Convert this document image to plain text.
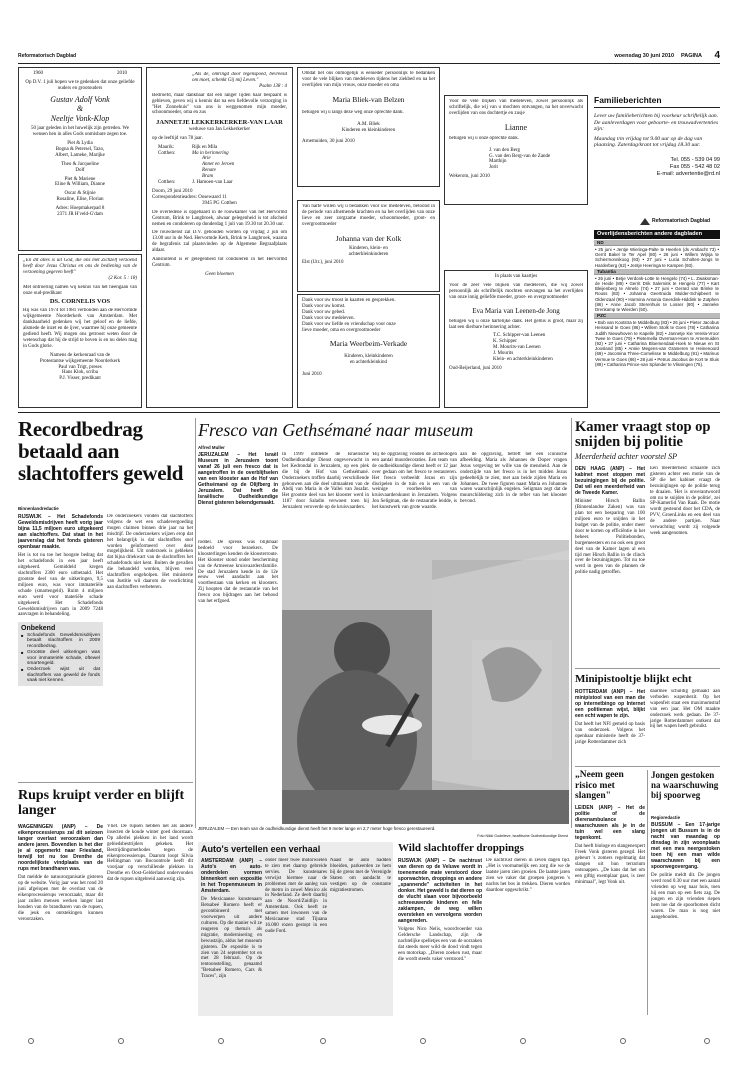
Reformatorisch Dagblad	woensdag 30 juni 2010 PAGINA 4
1960	2010
Op D.V. 1 juli hopen we te gedenken dat onze geliefde ouders en grootouders
Gustav Adolf Vonk
&
Neeltje Vonk-Klop
50 jaar geleden in het huwelijk zijn getreden. We wensen hen in alles Gods onmisbare zegen toe.
Piet & Lydia
Bogna & Petersel, Tazo,
Albert, Lameke, Marijke
Theo & Jacqueline
Dolf
Piet & Mariene
Eline & William, Dianne
Oscar & Stijnie
Rosaline, Elise, Florian
Adres: Hoepmakerpad 8
2371 JR H'veld-G'dam
„En dit alles is uit God, die ons met Zichzelf verzoend heeft door Jezus Christus en ons de bediening van de verzoening gegeven heeft"
(2 Kor. 5 : 18)
Met ontroering namen wij kennis van het heengaan van onze oud-predikant
DS. CORNELIS VOS
Hij was van 1974 tot 1981 verbonden aan de Hervormde wijkgemeente Noorderkerk van Amsterdam. Met dankbaarheid gedenken wij het geloof en de liefde, alsmede de inzet en de ijver, waarmee hij onze gemeente gediend heeft. Wij mogen ons getroost weten door de wetenschap dat hij de strijd te boven is en nu delen mag in Gods glorie.
Namens de kerkenraad van de
Protestantse wijkgemeente Noorderkerk
Paul van Trigt, preses
Hans Klok, scriba
P.J. Visser, predikant
„Als de, omringd door tegenspoed, bevreesd om moet, schenkt Gij mij Leven."
Psalm 138 : 4
Bedroefd, maar dankbaar dat een langer lijden haar bespaard is gebleven, geven wij u kennis dat na een liefdevolle verzorging in "Het Zonnehuis" van ons is weggenomen mijn moeder, schoonmoeder, oma en zus
JANNETJE LEKKERKERKER-VAN LAAR
weduwe van Jan Lekkerkerker
op de leeftijd van 78 jaar.
Maurik:	Rijk en Mila
Cotthen:	Ma in herinnering
Arie
Annet en Jeroen
Renate
Bram
Cotthen:	J. Hamoen-van Laar
Doorn, 29 juni 2010
Correspondentieadres: Oosewaard 11
3945 PG Cotthen
De overledene is opgebaard in de rouwkamer van het Hervormd Centrum, Brink te Langbroek, alwaar gelegenheid is tot afscheid nemen en condoleren op donderdag 1 juli van 19.30 tot 20.30 uur.
De rouwdienst zal D.V. gehouden worden op vrijdag 2 juli om 13.00 uur in de Ned. Hervormde Kerk, Brink te Langbroek, waarna de begrafenis zal plaatsvinden op de Algemene Begraafplaats aldaar.
Aansluitend is er gelegenheid tot condoleren in het Hervormd Centrum.
Geen bloemen
Omdat het ons onmogelijk is eenieder persoonlijk te bedanken voor de vele blijken van medeleven tijdens het ziekbed en na het overlijden van mijn vrouw, onze moeder en oma
Maria Bliek-van Belzen
betuigen wij u langs deze weg onze oprechte dank.
A.M. Bliek
Kinderen en kleinkinderen
Arnemuiden, 30 juni 2010
Van harte willen wij u bedanken voor uw medeleven, betoond in de periode van afnemende krachten en na het overlijden van onze lieve en zeer zorgzame moeder, schoonmoeder, groot- en overgrootmoeder
Johanna van der Kolk
Kinderen, klein- en
achterkleinkinderen
Elst (Utr.), juni 2010
Dank voor uw troost in kaarten en gesprekken.
Dank voor uw komst.
Dank voor uw gebed.
Dank voor uw medeleven.
Dank voor uw liefde en vriendschap voor onze
lieve moeder, oma en overgrootmoeder
Maria Weerbeim-Verkade
Kinderen, kleinkinderen
en achterkleinkind
Juni 2010
Voor de vele blijken van medeleven, zowel persoonlijk als schriftelijk, die wij van u mochten ontvangen, na het onverwacht overlijden van ons dochtertje en zusje
Lianne
betuigen wij u onze oprechte dank.
J. van den Berg
G. van den Berg-van de Zande
Marthijn
Jorit
Wekerom, juni 2010
In plaats van kaartjes
Voor de zeer vele blijken van medeleven, die wij zowel persoonlijk als schriftelijk mochten ontvangen na het overlijden van onze innig geliefde moeder, groot- en overgrootmoeder
Eva Maria van Leenen-de Jong
betuigen wij u onze hartelijke dank. Het gemis is groot, maar zij laat een dierbare herinnering achter.
T.C. Schipper-van Leenen
K. Schipper
M. Mourits-van Leenen
J. Mourits
Klein- en achterkleinkinderen
Oud-Beijerland, juni 2010
Familieberichten
Lever uw familieberichten bij voorkeur schriftelijk aan. De aanleverdagen voor geboorte- en trouwadvertenties zijn:
Maandag t/m vrijdag tot 9.00 uur op de dag van plaatsing. Zaterdag/krant tot vrijdag 18.30 uur.
Tel. 055 - 539 04 99
Fax 055 - 542 48 02
E-mail: advertentie@rd.nl
Reformatorisch Dagblad
Overlijdensberichten andere dagbladen
ND
• 25 juni • Jentje Wieringa-Palte te Heerlen (ds Ambacht 73) • Gerrit Bakel te Ter Apel (80) • 26 juni • Willem Wijnja te Schiermonnikoog (93) • 27 juni • Lucia Scholten-Jongs te Harderberg (62) • Jentje Heeringa te Kampen (93).
Tubantia
• 26 juni • Betje Verdonk-Lotte te Hengelo (74) • L. Zwaksman-de Heide (89) • Gerrit Drik Salemink te Hengelo (77) • Kart Bleijenberg te Almelo (74) • 27 juni • Gerard van Brinke te Rouss (83) • Johanna Geertruida Mulder-Schipbeert te Oldenzaal (90) • Harmina Antonia Geerdink-Hiddink te Zutphen (86) • Anne Jacob Sterenhuis te Losser (80) • Janneke Drenkamp te Wierden (50).
PZC
• Bob van Kootstra te Middelburg (83) • 26 juni • Pieter Jacobus Heissand te Goes (86) • Willem Stolk te Goes (78) • Catharina Judith Nieuwhoven te Kapelle (82) • Jannetje Kie Verela-Vroor Twee te Goes (79) • Pieternella Overman-Hoen te Arnemuiden (92) • 27 juni • Catharina Bloemendaal-Hoek te Nieuw en St Joosland (85) • Annie Megens-van Grameren te Heinenoord (69) • Jacomina Three-Cornelisse te Middelburg (91) • Marinus Vermue te Goes (86) • 28 juni • Petrus Jacobus de Kort te Sluis (89) • Catharina Prince-van Splunder te Vlissingen (75).
Recordbedrag betaald aan slachtoffers geweld
Binnenlandredactie

RIJSWIJK – Het Schadefonds Geweldsmisdrijven heeft vorig jaar bijna 11,5 miljoen euro uitgekeerd aan slachtoffers. Dat staat in het jaarverslag dat het fonds gisteren openbaar maakte.

Het is tot nu toe het hoogste bedrag dat het schadefonds in een jaar heeft uitgekeerd. Gemiddeld kregen slachtoffers 2300 euro uitbetaald. Het grootste deel van de uitkeringen, 9,5 miljoen euro, was voor immateriële schade (smartengeld). Ruim 4 miljoen euro werd voor materiële schade uitgekeerd. Het Schadefonds Geweldsmisdrijven nam in 2009 7248 aanvragen in behandeling.

Onbekend
■ Schadefonds Geweldsmisdrijven betaalt slachtoffers in 2009 recordbedrag.
■ Grootste deel uitkeringen was voor immateriële schade, oftewel smartengeld.
■ Onderzoek wijst uit dat slachtoffers van geweld de fonds vaak niet kennen.
Fresco van Gethsémané naar museum
Alfred Muller

JERUZALEM – Het Israël Museum in Jeruzalem toont vanaf 26 juli een fresco dat is aangetroffen in de overblijfselen van een klooster aan de Hof van Gethsémané op de Olijfberg in Jeruzalem. Dat heeft de Israëlische Oudheidkundige Dienst gisteren bekendgemaakt.

In 1999 ontdekte de Israëlische Oudheidkundige Dienst ongeverwacht in het Kedrondal in Jeruzalem, op een plek die bij de Hof van Gethsémané. Onderzoekers troffen daarbij verschillende gebouwen aan die deel uitmaakten van de Abdij van Maria in de Vallei van Josafat. Het grootste deel van het klooster werd in 1187 door Saladin verwoest toen hij Jeruzalem veroverde op de kruisvaarders.

'Bij de opgraving vonden de archeologen een aantal muurdecoraties. Een team van de oudheidkundige dienst heeft er 12 jaar over gedaan om het fresco te restaureren. Het fresco verbeeldt Jezus en zijn discipelen in de tuin en is een van de weinige voorbeelden van kruisvaarderskunst in Jeruzalem. Volgens Jon Seligman, die de restauratie leidde, is het kunstwerk van grote waarde.

aan de opgraving, betreft het een iconische afbeelding. Maria als Johannes de Doper vragen Jezus vergeving ter wille van de mensheid. Aan de onderzijde van het fresco is in het midden Jezus gedeeltelijk te zien, met aan beide zijden Maria en Johannes. De twee figuren naast Maria en Johannes waren waarschijnlijk engelen. Seligman zegt dat de muurschildering zich in de refter van het klooster bevond.

roddel. De spreuk was blijkbaar bedoeld voor bezoekers. De kloosterlingen kenden de kloosterroute. Het klooster stond onder bescherming van de Armeense kruisvaardersfamilie. De stad Jeruzalem kende in de 12e eeuw veel aandacht aan het voortbestaan van kerken en kloosters. Zij hoopten dat de restauratie van het fresco zou bijdragen aan het behoud van het erfgoed.

JERUZALEM — Een team van de oudheidkundige dienst heeft het 9 meter lange en 2,7 meter hoge fresco gerestaureerd.
Foto Nikki Godelieve, Israëlische Oudheidkundige Dienst
Kamer vraagt stop op snijden bij politie
Meerderheid achter voorstel SP

DEN HAAG (ANP) – Het kabinet moet stoppen met bezuinigingen bij de politie. Dat wil een meerderheid van de Tweede Kamer.

Minister Hirsch Ballin (Binnenlandse Zaken) was van plan tot een besparing van 100 miljoen euro te snijden in het budget van de politie, onder meer door te korten op efficiëntie in het beheer. Politiebonden, burgemeesters en nu ook een groot deel van de Kamer lagen al een tijd met Hirsch Ballin in de clinch over de bezuinigingen. Tot nu toe werd in geen van de plannen de politie nadig getroffen.

Een meerderheid schaarde zich gisteren achter een motie van de SP die het kabinet vraagt de bezuinigingen op de politie terug te draaien. 'Het is onverantwoord om nu te snijden in de politie', zei SP-Kamerlid Van Raak. De motie wordt gesteund door het CDA, de PVV, GroenLinks en een deel van de andere partijen. Naar verwachting wordt zij volgende week aangenomen.

Minipistooltje blijkt echt

ROTTERDAM (ANP) – Het minipistool van een man die op internetbingo op Internet een politieman wijst, blijkt een echt wapen te zijn.

Dat heeft het NFI gemeld op basis van onderzoek. Volgens het openbaar ministerie heeft de 37-jarige Rotterdammer zich

daarmee schuldig gemaakt aan verboden wapenbezit. Op het wapenfeit staat een maximumstraf van een jaar. Het OM maakte onderzoek werk gedaan. De 37-jarige Rotterdammer ontkent dat hij het wapen heeft gebruikt.

„Neem geen risico met slangen"

LEIDEN (ANP) – Het de politie of de dierenambulance waarschuwen als je in de tuin wel een slang tegenkomt.

Dat heeft biologe en slangenexpert Freek Vonk gisteren gezegd. Het gebeurt 's zomers regelmatig dat slangen uit hun terrarium ontsnappen. „De kans dat het om een giftig exemplaar gaat, is zeer minimaal", legt Vonk uit.

Jongen gestoken na waarschuwing bij spoorweg
Regioredactie

BUSSUM – Een 17-jarige jongen uit Bussum is in de nacht van maandag op dinsdag in zijn woonplaats met een mes neergestoken toen hij een man wilde waarschuwen bij een spoorwegovergang.

De politie meldt dit. De jongen werd rond 0.30 uur met een aantal vrienden op weg naar huis, toen hij een man op een fiets zag. De jongen en zijn vrienden riepen hem toe dat de spoorbomen dicht waren. De man is nog niet aangehouden.

De onderzoekers vonden dat slachtoffers volgens de wet een schadevergoeding mogen claimen binnen drie jaar na het misdrijf. De onderzoekers wijzen erop dat het belangrijk is dat slachtoffers snel worden geïnformeerd over deze mogelijkheid. Uit onderzoek is gebleken dat bijna driekwart van de slachtoffers het schadefonds niet kent. Buiten de gevallen die behandeld worden, blijven veel slachtoffers ongeholpen. Het ministerie van Justitie wil daarom de voorlichting aan slachtoffers verbeteren.

Rups kruipt verder en blijft langer

WAGENINGEN (ANP) – De eikenprocessierups zal dit seizoen langer overlast veroorzaken dan andere jaren. Bovendien is het dier je al opgemerkt naar Friesland, terwijl tot nu toe Drenthe de noordelijkste vindplaats van de rups met brandharen was.

Dat meldde de natuurorganisatie gisteren op de website. Vorig jaar was het rond 20 juni afgelopen met de overlast van de eikenprocessierups veroorzaakt, maar dit jaar zullen mensen werken langer last houden van de brandharen van de rupsen, die jeuk en ontstekingen kunnen veroorzaken.

Vliet. De rupsen hebben net als andere insecten de koude winter goed doorstaan. Op allerlei plekken in het land wordt gebiedsbestrijders gekeken. Het Bestrijdingsmethodes tegen de eikenprocessierups. Daarom loopt Silvia Hellingman van Bocoontrole heeft dit voorjaar op verschillende plekken in Drenthe en Oost-Gelderland ondervonden dat de rupsen uitgebreid aanwezig zijn.

Auto's vertellen een verhaal

AMSTERDAM (ANP) – Auto's en auto-onderdelen vormen binnenkort een expositie in het Tropenmuseum in Amsterdam.

De Mexicaanse kunstenaars Betsabeé Romero heeft er gecombineerd met voorwerpen uit andere culturen. Op die manier wil ze reageren op thema's als migratie, modernisering en bewustzijn, aldus het museum gisteren. De expositie is te zien van 24 september tot en met 28 februari. Op de tentoonstelling, genaamd "Betsabeé Romero, Cars & Traces", zijn

onder meer twee motorwielen te zien met daarop gebreide servies. De kunstenares verwijst hiermee naar de problemen met de aanleg van de metro in zowel Mexico als in Nederland. Ze deelt daarbij aan de Noord/Zuidlijn in Amsterdam. Ook heeft ze samen met inwoners van de Mexicaanse stad Tijuana 16.000 rozen gestopt in een oude Ford.

Naast de auto hadden bloeiden, parkeerden ze hem bij de grens met de Verenigde Staten om aandacht te vestigen op de constante migratiestromen.

Wild slachtoffer droppings

RIJSWIJK (ANP) – De nachtrust van dieren op de Veluwe wordt in toenemende mate verstoord door sporwachten, droppings en andere „spannende" activiteiten in het donker. Het geweld is dat dieren op de vlucht slaan voor bijvoorbeeld schreeuwende kinderen en felle zaklampen, de weg willen oversteken en vervolgens worden aangereden.

Volgens Nico Nelis, woordvoerder van Geldersche Landschap, zijn de nachtelijke spelletjes een van de oorzaken dat steeds meer wild de dood vindt tegen een motorkap. „Dieren zoeken rust, maar die wordt steeds vaker verstoord."

De nachtrust dieren in zeven dagen tijd. „Het is voornamelijk een zorg die we de laatste jaren zien groeien. De laatste jaren zien we vaker dat groepen jongeren 's nachts het bos in trekken. Dieren worden daardoor opgeschrikt."
